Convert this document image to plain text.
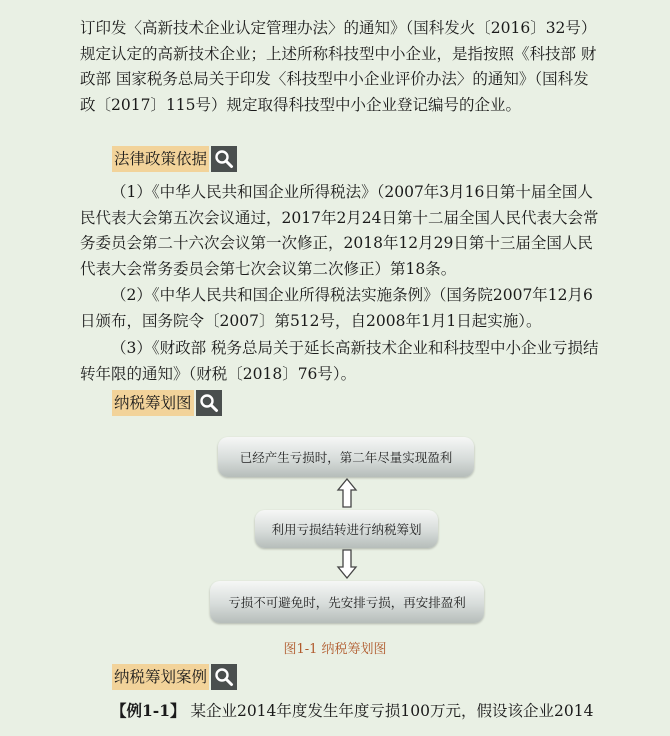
订印发〈高新技术企业认定管理办法〉的通知》（国科发火〔2016〕32号）规定认定的高新技术企业；上述所称科技型中小企业，是指按照《科技部 财政部 国家税务总局关于印发〈科技型中小企业评价办法〉的通知》（国科发政〔2017〕115号）规定取得科技型中小企业登记编号的企业。

法律政策依据

（1）《中华人民共和国企业所得税法》（2007年3月16日第十届全国人民代表大会第五次会议通过，2017年2月24日第十二届全国人民代表大会常务委员会第二十六次会议第一次修正，2018年12月29日第十三届全国人民代表大会常务委员会第七次会议第二次修正）第18条。

（2）《中华人民共和国企业所得税法实施条例》（国务院2007年12月6日颁布，国务院令〔2007〕第512号，自2008年1月1日起实施）。

（3）《财政部 税务总局关于延长高新技术企业和科技型中小企业亏损结转年限的通知》（财税〔2018〕76号）。

纳税筹划图
已经产生亏损时，第二年尽量实现盈利
利用亏损结转进行纳税筹划
亏损不可避免时，先安排亏损，再安排盈利
图1-1 纳税筹划图
纳税筹划案例

【例1-1】 某企业2014年度发生年度亏损100万元，假设该企业2014
